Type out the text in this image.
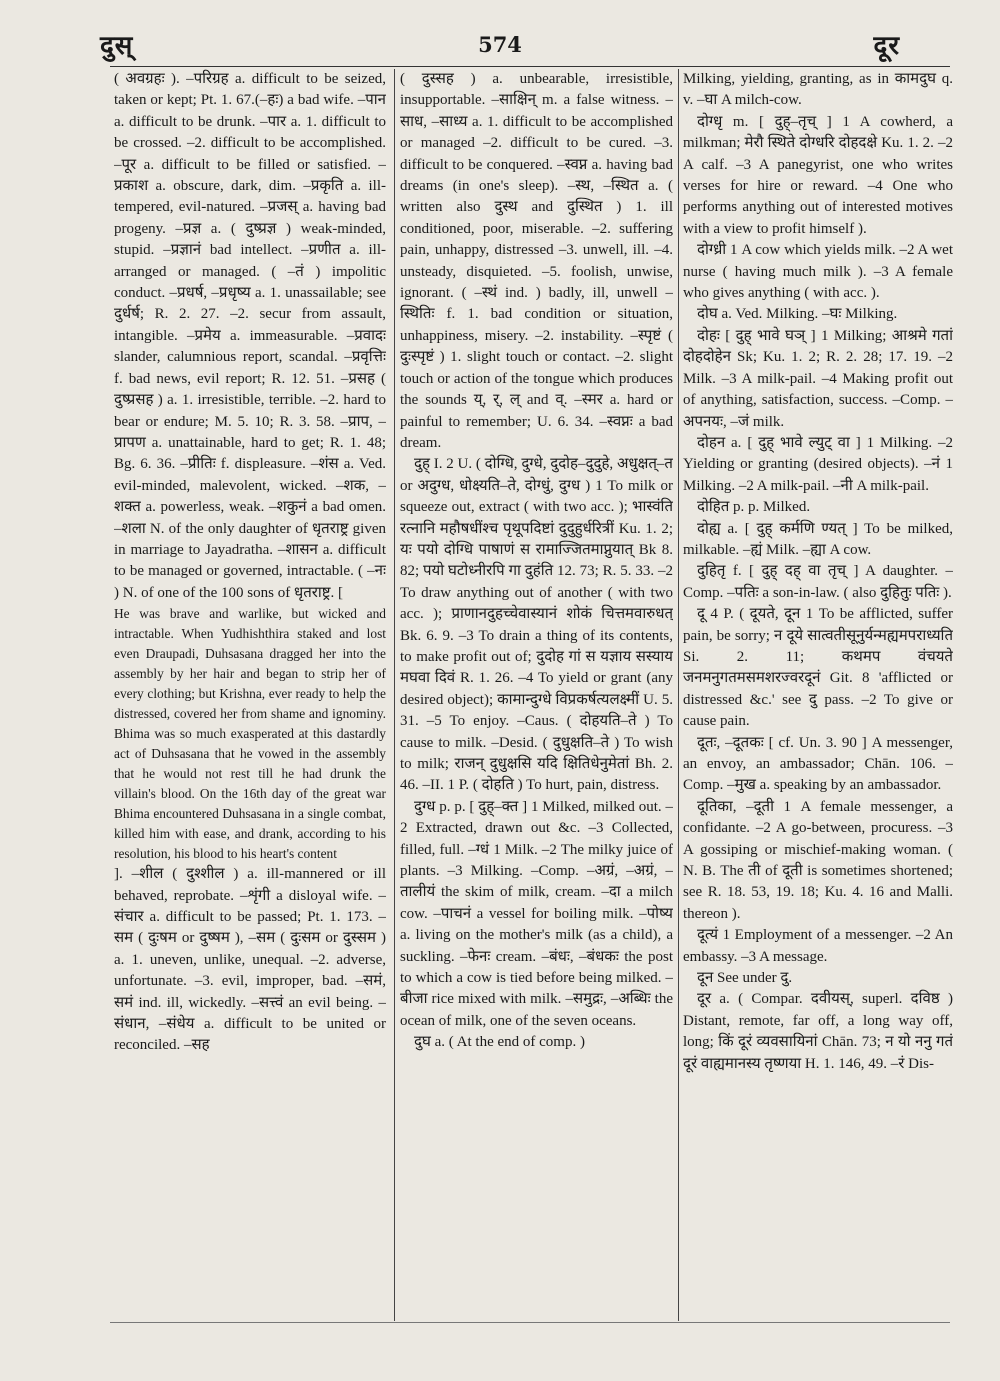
दुस्	574	दूर

( अवग्रहः ). –परिग्रह a. difficult to be seized, taken or kept; Pt. 1. 67.(–हः) a bad wife. –पान a. difficult to be drunk. –पार a. 1. difficult to be crossed. –2. difficult to be accomplished. –पूर a. difficult to be filled or satisfied. –प्रकाश a. obscure, dark, dim. –प्रकृति a. ill-tempered, evil-natured. –प्रजस् a. having bad progeny. –प्रज्ञ a. ( दुष्प्रज्ञ ) weak-minded, stupid. –प्रज्ञानं bad intellect. –प्रणीत a. ill-arranged or managed. ( –तं ) impolitic conduct. –प्रधर्ष, –प्रधृष्य a. 1. unassailable; see दुर्धर्ष; R. 2. 27. –2. secur from assault, intangible. –प्रमेय a. immeasurable. –प्रवादः slander, calumnious report, scandal. –प्रवृत्तिः f. bad news, evil report; R. 12. 51. –प्रसह ( दुष्प्रसह ) a. 1. irresistible, terrible. –2. hard to bear or endure; M. 5. 10; R. 3. 58. –प्राप, –प्रापण a. unattainable, hard to get; R. 1. 48; Bg. 6. 36. –प्रीतिः f. displeasure. –शंस a. Ved. evil-minded, malevolent, wicked. –शक, –शक्त a. powerless, weak. –शकुनं a bad omen. –शला N. of the only daughter of धृतराष्ट्र given in marriage to Jayadratha. –शासन a. difficult to be managed or governed, intractable. ( –नः ) N. of one of the 100 sons of धृतराष्ट्र. [

He was brave and warlike, but wicked and intractable. When Yudhishthira staked and lost even Draupadi, Duhsasana dragged her into the assembly by her hair and began to strip her of every clothing; but Krishna, ever ready to help the distressed, covered her from shame and ignominy. Bhima was so much exasperated at this dastardly act of Duhsasana that he vowed in the assembly that he would not rest till he had drunk the villain's blood. On the 16th day of the great war Bhima encountered Duhsasana in a single combat, killed him with ease, and drank, according to his resolution, his blood to his heart's content

]. –शील ( दुश्शील ) a. ill-mannered or ill behaved, reprobate. –शृंगी a disloyal wife. –संचार a. difficult to be passed; Pt. 1. 173. –सम ( दुःषम or दुष्षम ), –सम ( दुःसम or दुस्सम ) a. 1. uneven, unlike, unequal. –2. adverse, unfortunate. –3. evil, improper, bad. –समं, समं ind. ill, wickedly. –सत्त्वं an evil being. –संधान, –संधेय a. difficult to be united or reconciled. –सह

( दुस्सह ) a. unbearable, irresistible, insupportable. –साक्षिन् m. a false witness. –साध, –साध्य a. 1. difficult to be accomplished or managed –2. difficult to be cured. –3. difficult to be conquered. –स्वप्न a. having bad dreams (in one's sleep). –स्थ, –स्थित a. ( written also दुस्थ and दुस्थित ) 1. ill conditioned, poor, miserable. –2. suffering pain, unhappy, distressed –3. unwell, ill. –4. unsteady, disquieted. –5. foolish, unwise, ignorant. ( –स्थं ind. ) badly, ill, unwell –स्थितिः f. 1. bad condition or situation, unhappiness, misery. –2. instability. –स्पृष्टं ( दुःस्पृष्टं ) 1. slight touch or contact. –2. slight touch or action of the tongue which produces the sounds य्, र्, ल् and व्. –स्मर a. hard or painful to remember; U. 6. 34. –स्वप्नः a bad dream.

दुह् I. 2 U. ( दोग्धि, दुग्धे, दुदोह–दुदुहे, अधुक्षत्–त or अदुग्ध, धोक्ष्यति–ते, दोग्धुं, दुग्ध ) 1 To milk or squeeze out, extract ( with two acc. ); भास्वंति रत्नानि महौषधींश्च पृथूपदिष्टां दुदुहुर्धरित्रीं Ku. 1. 2; यः पयो दोग्धि पाषाणं स रामाज्जितमाप्नुयात् Bk 8. 82; पयो घटोध्नीरपि गा दुहंति 12. 73; R. 5. 33. –2 To draw anything out of another ( with two acc. ); प्राणानदुहच्चेवास्यानं शोकं चित्तमवारुधत् Bk. 6. 9. –3 To drain a thing of its contents, to make profit out of; दुदोह गां स यज्ञाय सस्याय मघवा दिवं R. 1. 26. –4 To yield or grant (any desired object); कामान्दुग्धे विप्रकर्षत्यलक्ष्मीं U. 5. 31. –5 To enjoy. –Caus. ( दोहयति–ते ) To cause to milk. –Desid. ( दुधुक्षति–ते ) To wish to milk; राजन् दुधुक्षसि यदि क्षितिधेनुमेतां Bh. 2. 46. –II. 1 P. ( दोहति ) To hurt, pain, distress.

दुग्ध p. p. [ दुह्–क्त ] 1 Milked, milked out. –2 Extracted, drawn out &c. –3 Collected, filled, full. –ग्धं 1 Milk. –2 The milky juice of plants. –3 Milking. –Comp. –अग्रं, –अग्रं, –तालीयं the skim of milk, cream. –दा a milch cow. –पाचनं a vessel for boiling milk. –पोष्य a. living on the mother's milk (as a child), a suckling. –फेनः cream. –बंधः, –बंधकः the post to which a cow is tied before being milked. –बीजा rice mixed with milk. –समुद्रः, –अब्धिः the ocean of milk, one of the seven oceans.

दुघ a. ( At the end of comp. )

Milking, yielding, granting, as in कामदुघ q. v. –घा A milch-cow.

दोग्धृ m. [ दुह्–तृच् ] 1 A cowherd, a milkman; मेरौ स्थिते दोग्धरि दोहदक्षे Ku. 1. 2. –2 A calf. –3 A panegyrist, one who writes verses for hire or reward. –4 One who performs anything out of interested motives with a view to profit himself ).

दोग्ध्री 1 A cow which yields milk. –2 A wet nurse ( having much milk ). –3 A female who gives anything ( with acc. ).

दोघ a. Ved. Milking. –घः Milking.

दोहः [ दुह् भावे घञ् ] 1 Milking; आश्रमे गतां दोहदोहेन Sk; Ku. 1. 2; R. 2. 28; 17. 19. –2 Milk. –3 A milk-pail. –4 Making profit out of anything, satisfaction, success. –Comp. –अपनयः, –जं milk.

दोहन a. [ दुह् भावे ल्युट् वा ] 1 Milking. –2 Yielding or granting (desired objects). –नं 1 Milking. –2 A milk-pail. –नी A milk-pail.

दोहित p. p. Milked.

दोह्य a. [ दुह् कर्मणि ण्यत् ] To be milked, milkable. –ह्यं Milk. –ह्या A cow.

दुहितृ f. [ दुह् दह् वा तृच् ] A daughter. –Comp. –पतिः a son-in-law. ( also दुहितुः पतिः ).

दू 4 P. ( दूयते, दून 1 To be afflicted, suffer pain, be sorry; न दूये सात्वतीसूनुर्यन्मह्यमपराध्यति Si. 2. 11; कथमप वंचयते जनमनुगतमसमशरज्वरदूनं Git. 8 'afflicted or distressed &c.' see दु pass. –2 To give or cause pain.

दूतः, –दूतकः [ cf. Un. 3. 90 ] A messenger, an envoy, an ambassador; Chān. 106. –Comp. –मुख a. speaking by an ambassador.

दूतिका, –दूती 1 A female messenger, a confidante. –2 A go-between, procuress. –3 A gossiping or mischief-making woman. ( N. B. The ती of दूती is sometimes shortened; see R. 18. 53, 19. 18; Ku. 4. 16 and Malli. thereon ).

दूत्यं 1 Employment of a messenger. –2 An embassy. –3 A message.

दून See under दु.

दूर a. ( Compar. दवीयस्, superl. दविष्ठ ) Distant, remote, far off, a long way off, long; किं दूरं व्यवसायिनां Chān. 73; न यो ननु गतं दूरं वाह्यमानस्य तृष्णया H. 1. 146, 49. –रं Dis-
